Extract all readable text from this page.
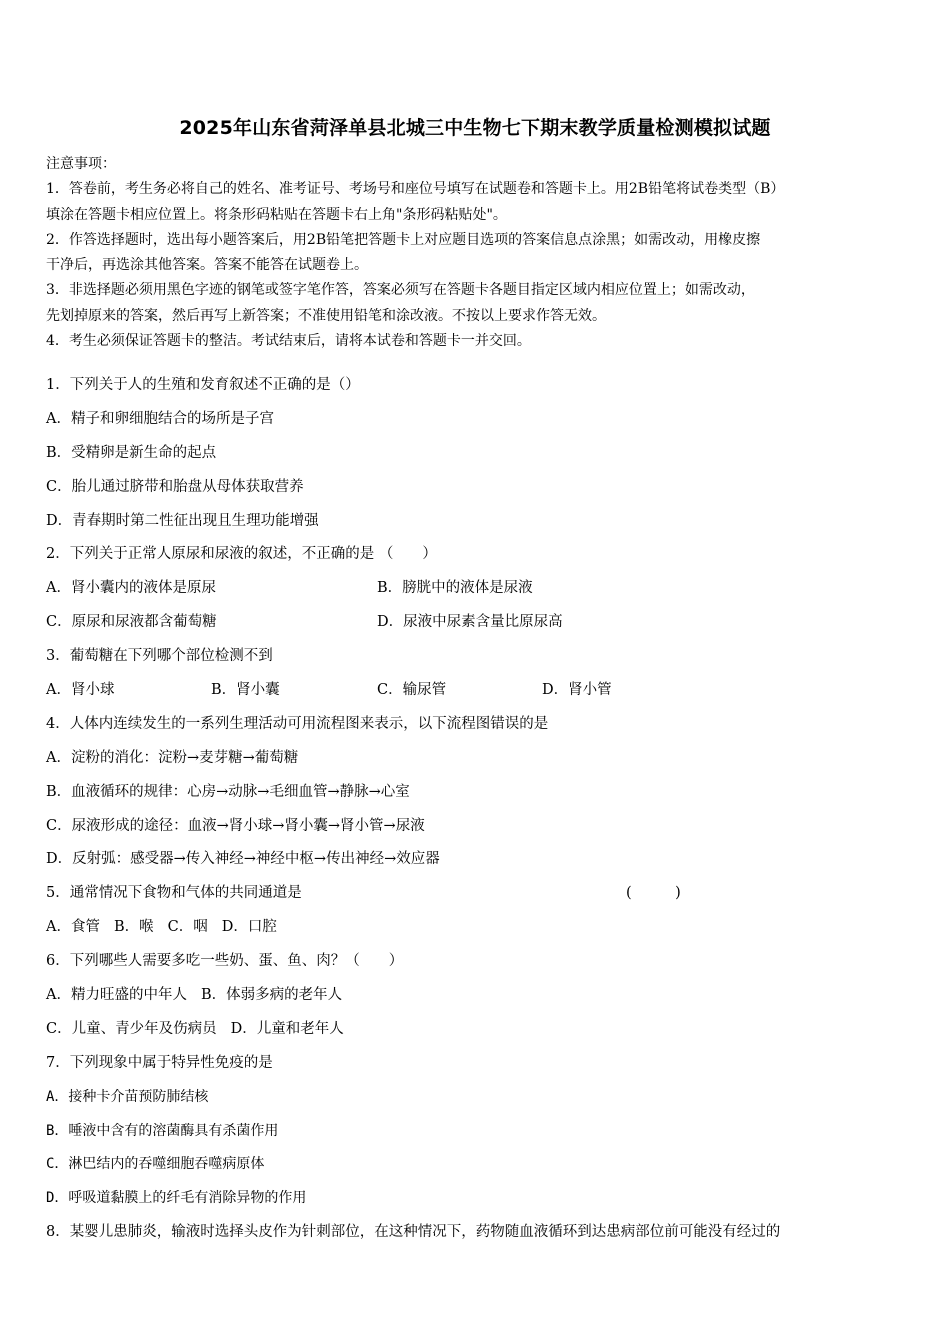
2025年山东省菏泽单县北城三中生物七下期末教学质量检测模拟试题

注意事项：

1．答卷前，考生务必将自己的姓名、准考证号、考场号和座位号填写在试题卷和答题卡上。用2B铅笔将试卷类型（B）

填涂在答题卡相应位置上。将条形码粘贴在答题卡右上角"条形码粘贴处"。

2．作答选择题时，选出每小题答案后，用2B铅笔把答题卡上对应题目选项的答案信息点涂黑；如需改动，用橡皮擦

干净后，再选涂其他答案。答案不能答在试题卷上。

3．非选择题必须用黑色字迹的钢笔或签字笔作答，答案必须写在答题卡各题目指定区域内相应位置上；如需改动，

先划掉原来的答案，然后再写上新答案；不准使用铅笔和涂改液。不按以上要求作答无效。

4．考生必须保证答题卡的整洁。考试结束后，请将本试卷和答题卡一并交回。

1．下列关于人的生殖和发育叙述不正确的是（）
A．精子和卵细胞结合的场所是子宫
B．受精卵是新生命的起点
C．胎儿通过脐带和胎盘从母体获取营养
D．青春期时第二性征出现且生理功能增强
2．下列关于正常人原尿和尿液的叙述，不正确的是 （　　）
A．肾小囊内的液体是原尿	B．膀胱中的液体是尿液
C．原尿和尿液都含葡萄糖	D．尿液中尿素含量比原尿高
3．葡萄糖在下列哪个部位检测不到
A．肾小球	B．肾小囊	C．输尿管	D．肾小管
4．人体内连续发生的一系列生理活动可用流程图来表示，以下流程图错误的是
A．淀粉的消化：淀粉→麦芽糖→葡萄糖
B．血液循环的规律：心房→动脉→毛细血管→静脉→心室
C．尿液形成的途径：血液→肾小球→肾小囊→肾小管→尿液
D．反射弧：感受器→传入神经→神经中枢→传出神经→效应器
5．通常情况下食物和气体的共同通道是	(　　　)
A．食管 B．喉 C．咽 D．口腔
6．下列哪些人需要多吃一些奶、蛋、鱼、肉？（　　）
A．精力旺盛的中年人 B．体弱多病的老年人
C．儿童、青少年及伤病员 D．儿童和老年人
7．下列现象中属于特异性免疫的是
A．接种卡介苗预防肺结核
B．唾液中含有的溶菌酶具有杀菌作用
C．淋巴结内的吞噬细胞吞噬病原体
D．呼吸道黏膜上的纤毛有消除异物的作用
8．某婴儿患肺炎，输液时选择头皮作为针刺部位，在这种情况下，药物随血液循环到达患病部位前可能没有经过的
